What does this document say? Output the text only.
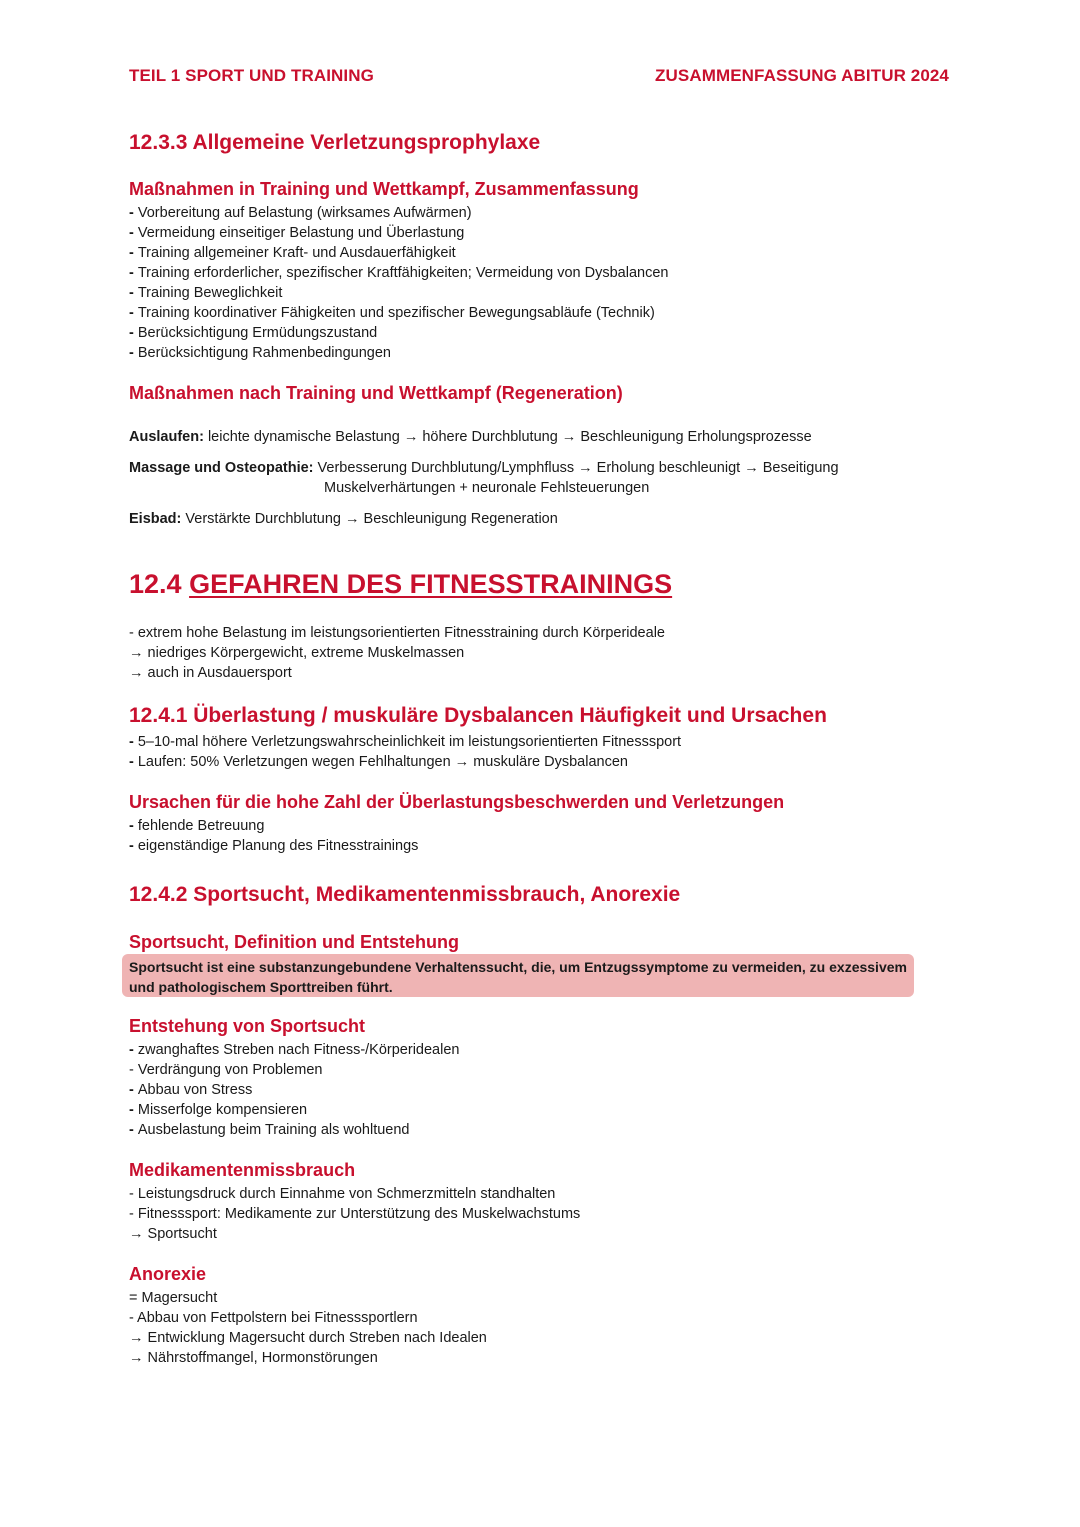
TEIL 1 SPORT UND TRAINING	ZUSAMMENFASSUNG ABITUR 2024
12.3.3 Allgemeine Verletzungsprophylaxe
Maßnahmen in Training und Wettkampf, Zusammenfassung
- Vorbereitung auf Belastung (wirksames Aufwärmen)
- Vermeidung einseitiger Belastung und Überlastung
- Training allgemeiner Kraft- und Ausdauerfähigkeit
- Training erforderlicher, spezifischer Kraftfähigkeiten; Vermeidung von Dysbalancen
- Training Beweglichkeit
- Training koordinativer Fähigkeiten und spezifischer Bewegungsabläufe (Technik)
- Berücksichtigung Ermüdungszustand
- Berücksichtigung Rahmenbedingungen
Maßnahmen nach Training und Wettkampf (Regeneration)
Auslaufen: leichte dynamische Belastung → höhere Durchblutung → Beschleunigung Erholungsprozesse
Massage und Osteopathie: Verbesserung Durchblutung/Lymphfluss → Erholung beschleunigt → Beseitigung
Muskelverhärtungen + neuronale Fehlsteuerungen
Eisbad: Verstärkte Durchblutung → Beschleunigung Regeneration
12.4 GEFAHREN DES FITNESSTRAININGS
- extrem hohe Belastung im leistungsorientierten Fitnesstraining durch Körperideale
→ niedriges Körpergewicht, extreme Muskelmassen
→ auch in Ausdauersport
12.4.1 Überlastung / muskuläre Dysbalancen Häufigkeit und Ursachen
- 5–10-mal höhere Verletzungswahrscheinlichkeit im leistungsorientierten Fitnesssport
- Laufen: 50% Verletzungen wegen Fehlhaltungen → muskuläre Dysbalancen
Ursachen für die hohe Zahl der Überlastungsbeschwerden und Verletzungen
- fehlende Betreuung
- eigenständige Planung des Fitnesstrainings
12.4.2 Sportsucht, Medikamentenmissbrauch, Anorexie
Sportsucht, Definition und Entstehung
Sportsucht ist eine substanzungebundene Verhaltenssucht, die, um Entzugssymptome zu vermeiden, zu exzessivem und pathologischem Sporttreiben führt.
Entstehung von Sportsucht
- zwanghaftes Streben nach Fitness-/Körperidealen
- Verdrängung von Problemen
- Abbau von Stress
- Misserfolge kompensieren
- Ausbelastung beim Training als wohltuend
Medikamentenmissbrauch
- Leistungsdruck durch Einnahme von Schmerzmitteln standhalten
- Fitnesssport: Medikamente zur Unterstützung des Muskelwachstums
→ Sportsucht
Anorexie
= Magersucht
- Abbau von Fettpolstern bei Fitnesssportlern
→ Entwicklung Magersucht durch Streben nach Idealen
→ Nährstoffmangel, Hormonstörungen
